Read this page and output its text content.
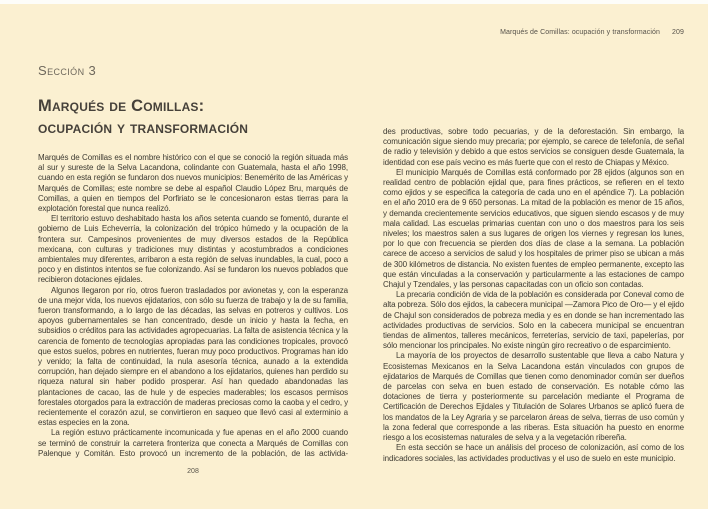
Sección 3
Marqués de Comillas:
ocupación y transformación

Marqués de Comillas es el nombre histórico con el que se conoció la región situada más al sur y sureste de la Selva Lacandona, colindante con Guatemala, hasta el año 1998, cuando en esta región se fundaron dos nuevos municipios: Benemérito de las Américas y Marqués de Comillas; este nombre se debe al español Claudio López Bru, marqués de Comillas, a quien en tiempos del Porfiriato se le concesionaron estas tierras para la explotación forestal que nunca realizó.

El territorio estuvo deshabitado hasta los años setenta cuando se fomentó, durante el gobierno de Luis Echeverría, la colonización del trópico húmedo y la ocupación de la frontera sur. Campesinos provenientes de muy diversos estados de la República mexicana, con culturas y tradiciones muy distintas y acostumbrados a condiciones ambientales muy diferentes, arribaron a esta región de selvas inundables, la cual, poco a poco y en distintos intentos se fue colonizando. Así se fundaron los nuevos poblados que recibieron dotaciones ejidales.

Algunos llegaron por río, otros fueron trasladados por avionetas y, con la esperanza de una mejor vida, los nuevos ejidatarios, con sólo su fuerza de trabajo y la de su familia, fueron transformando, a lo largo de las décadas, las selvas en potreros y cultivos. Los apoyos gubernamentales se han concentrado, desde un inicio y hasta la fecha, en subsidios o créditos para las actividades agropecuarias. La falta de asistencia técnica y la carencia de fomento de tecnologías apropiadas para las condiciones tropicales, provocó que estos suelos, pobres en nutrientes, fueran muy poco productivos. Programas han ido y venido; la falta de continuidad, la nula asesoría técnica, aunado a la extendida corrupción, han dejado siempre en el abandono a los ejidatarios, quienes han perdido su riqueza natural sin haber podido prosperar. Así han quedado abandonadas las plantaciones de cacao, las de hule y de especies maderables; los escasos permisos forestales otorgados para la extracción de maderas preciosas como la caoba y el cedro, y recientemente el corazón azul, se convirtieron en saqueo que llevó casi al exterminio a estas especies en la zona.

La región estuvo prácticamente incomunicada y fue apenas en el año 2000 cuando se terminó de construir la carretera fronteriza que conecta a Marqués de Comillas con Palenque y Comitán. Esto provocó un incremento de la población, de las activida-

208
Marqués de Comillas: ocupación y transformación 209

des productivas, sobre todo pecuarias, y de la deforestación. Sin embargo, la comunicación sigue siendo muy precaria; por ejemplo, se carece de telefonía, de señal de radio y televisión y debido a que estos servicios se consiguen desde Guatemala, la identidad con ese país vecino es más fuerte que con el resto de Chiapas y México.

El municipio Marqués de Comillas está conformado por 28 ejidos (algunos son en realidad centro de población ejidal que, para fines prácticos, se refieren en el texto como ejidos y se especifica la categoría de cada uno en el apéndice 7). La población en el año 2010 era de 9 650 personas. La mitad de la población es menor de 15 años, y demanda crecientemente servicios educativos, que siguen siendo escasos y de muy mala calidad. Las escuelas primarias cuentan con uno o dos maestros para los seis niveles; los maestros salen a sus lugares de origen los viernes y regresan los lunes, por lo que con frecuencia se pierden dos días de clase a la semana. La población carece de acceso a servicios de salud y los hospitales de primer piso se ubican a más de 300 kilómetros de distancia. No existen fuentes de empleo permanente, excepto las que están vinculadas a la conservación y particularmente a las estaciones de campo Chajul y Tzendales, y las personas capacitadas con un oficio son contadas.

La precaria condición de vida de la población es considerada por Coneval como de alta pobreza. Sólo dos ejidos, la cabecera municipal —Zamora Pico de Oro— y el ejido de Chajul son considerados de pobreza media y es en donde se han incrementado las actividades productivas de servicios. Solo en la cabecera municipal se encuentran tiendas de alimentos, talleres mecánicos, ferreterías, servicio de taxi, papelerías, por sólo mencionar los principales. No existe ningún giro recreativo o de esparcimiento.

La mayoría de los proyectos de desarrollo sustentable que lleva a cabo Natura y Ecosistemas Mexicanos en la Selva Lacandona están vinculados con grupos de ejidatarios de Marqués de Comillas que tienen como denominador común ser dueños de parcelas con selva en buen estado de conservación. Es notable cómo las dotaciones de tierra y posteriormente su parcelación mediante el Programa de Certificación de Derechos Ejidales y Titulación de Solares Urbanos se aplicó fuera de los mandatos de la Ley Agraria y se parcelaron áreas de selva, tierras de uso común y la zona federal que corresponde a las riberas. Esta situación ha puesto en enorme riesgo a los ecosistemas naturales de selva y a la vegetación ribereña.

En esta sección se hace un análisis del proceso de colonización, así como de los indicadores sociales, las actividades productivas y el uso de suelo en este municipio.
